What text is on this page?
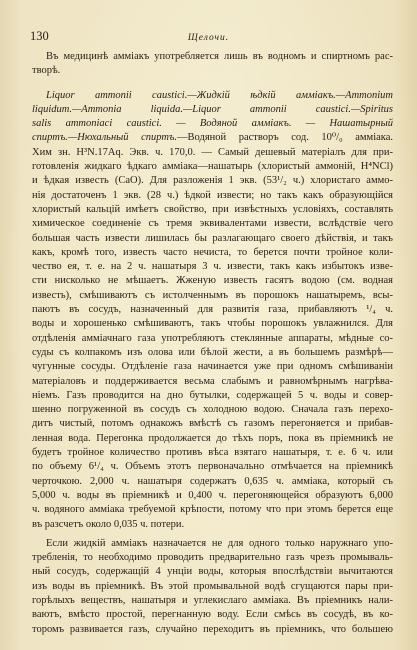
130	Щелочи.
Въ медицинѣ амміакъ употребляется лишь въ водномъ и спиртномъ рас-
творѣ.
Liquor ammonii caustici.—Жидкій ѣдкій амміакъ.—Ammonium
liquidum.—Ammonia liquida.—Liquor ammonii caustici.—Spiritus
salis ammoniaci caustici. — Водяной амміакъ. — Нашатырный
спиртъ.—Нюхальный спиртъ.—Водяной растворъ сод. 10⁰/₀ амміака.
Хим зн. H³N.17Aq. Экв. ч. 170,0. — Самый дешевый матеріалъ для при-
готовленія жидкаго ѣдкаго амміака—нашатырь (хлористый аммоній, H⁴NCl)
и ѣдкая известь (CaO). Для разложенія 1 экв. (53¹/₂ ч.) хлористаго аммо-
нія достаточенъ 1 экв. (28 ч.) ѣдкой извести; но такъ какъ образующійся
хлористый кальцій имѣетъ свойство, при извѣстныхъ условіяхъ, составлять
химическое соединеніе съ тремя эквивалентами извести, вслѣдствіе чего
большая часть извести лишилась бы разлагающаго своего дѣйствія, и такъ
какъ, кромѣ того, известь часто нечиста, то берется почти тройное коли-
чество ея, т. е. на 2 ч. нашатыря 3 ч. извести, такъ какъ избытокъ изве-
сти нисколько не мѣшаетъ. Жженую известь гасятъ водою (см. водная
известь), смѣшиваютъ съ истолченнымъ въ порошокъ нашатыремъ, всы-
паютъ въ сосудъ, назначенный для развитія газа, прибавляютъ ¹/₄ ч.
воды и хорошенько смѣшиваютъ, такъ чтобы порошокъ увлажнился. Для
отдѣленія амміачнаго газа употребляютъ стеклянные аппараты, мѣдные со-
суды съ колпакомъ изъ олова или бѣлой жести, а въ большемъ размѣрѣ—
чугунные сосуды. Отдѣленіе газа начинается уже при одномъ смѣшиваніи
матеріаловъ и поддерживается весьма слабымъ и равномѣрнымъ нагрѣва-
ніемъ. Газъ проводится на дно бутылки, содержащей 5 ч. воды и совер-
шенно погруженной въ сосудъ съ холодною водою. Сначала газъ перехо-
дитъ чистый, потомъ однакожъ вмѣстѣ съ газомъ перегоняется и прибав-
ленная вода. Перегонка продолжается до тѣхъ поръ, пока въ пріемникѣ не
будетъ тройное количество противъ вѣса взятаго нашатыря, т. е. 6 ч. или
по объему 6¹/₄ ч. Объемъ этотъ первоначально отмѣчается на пріемникѣ
черточкою. 2,000 ч. нашатыря содержатъ 0,635 ч. амміака, который съ
5,000 ч. воды въ пріемникѣ и 0,400 ч. перегоняющейся образуютъ 6,000
ч. водяного амміака требуемой крѣпости, потому что при этомъ берется еще
въ разсчетъ около 0,035 ч. потери.
Если жидкій амміакъ назначается не для одного только наружнаго упо-
требленія, то необходимо проводить предварительно газъ чрезъ промываль-
ный сосудъ, содержащій 4 унціи воды, которыя впослѣдствіи вычитаются
изъ воды въ пріемникѣ. Въ этой промывальной водѣ сгущаются пары при-
горѣлыхъ веществъ, нашатыря и углекислаго амміака. Въ пріемникъ нали-
ваютъ, вмѣсто простой, перегнанную воду. Если смѣсь въ сосудѣ, въ ко-
торомъ развивается газъ, случайно переходитъ въ пріемникъ, что большею
